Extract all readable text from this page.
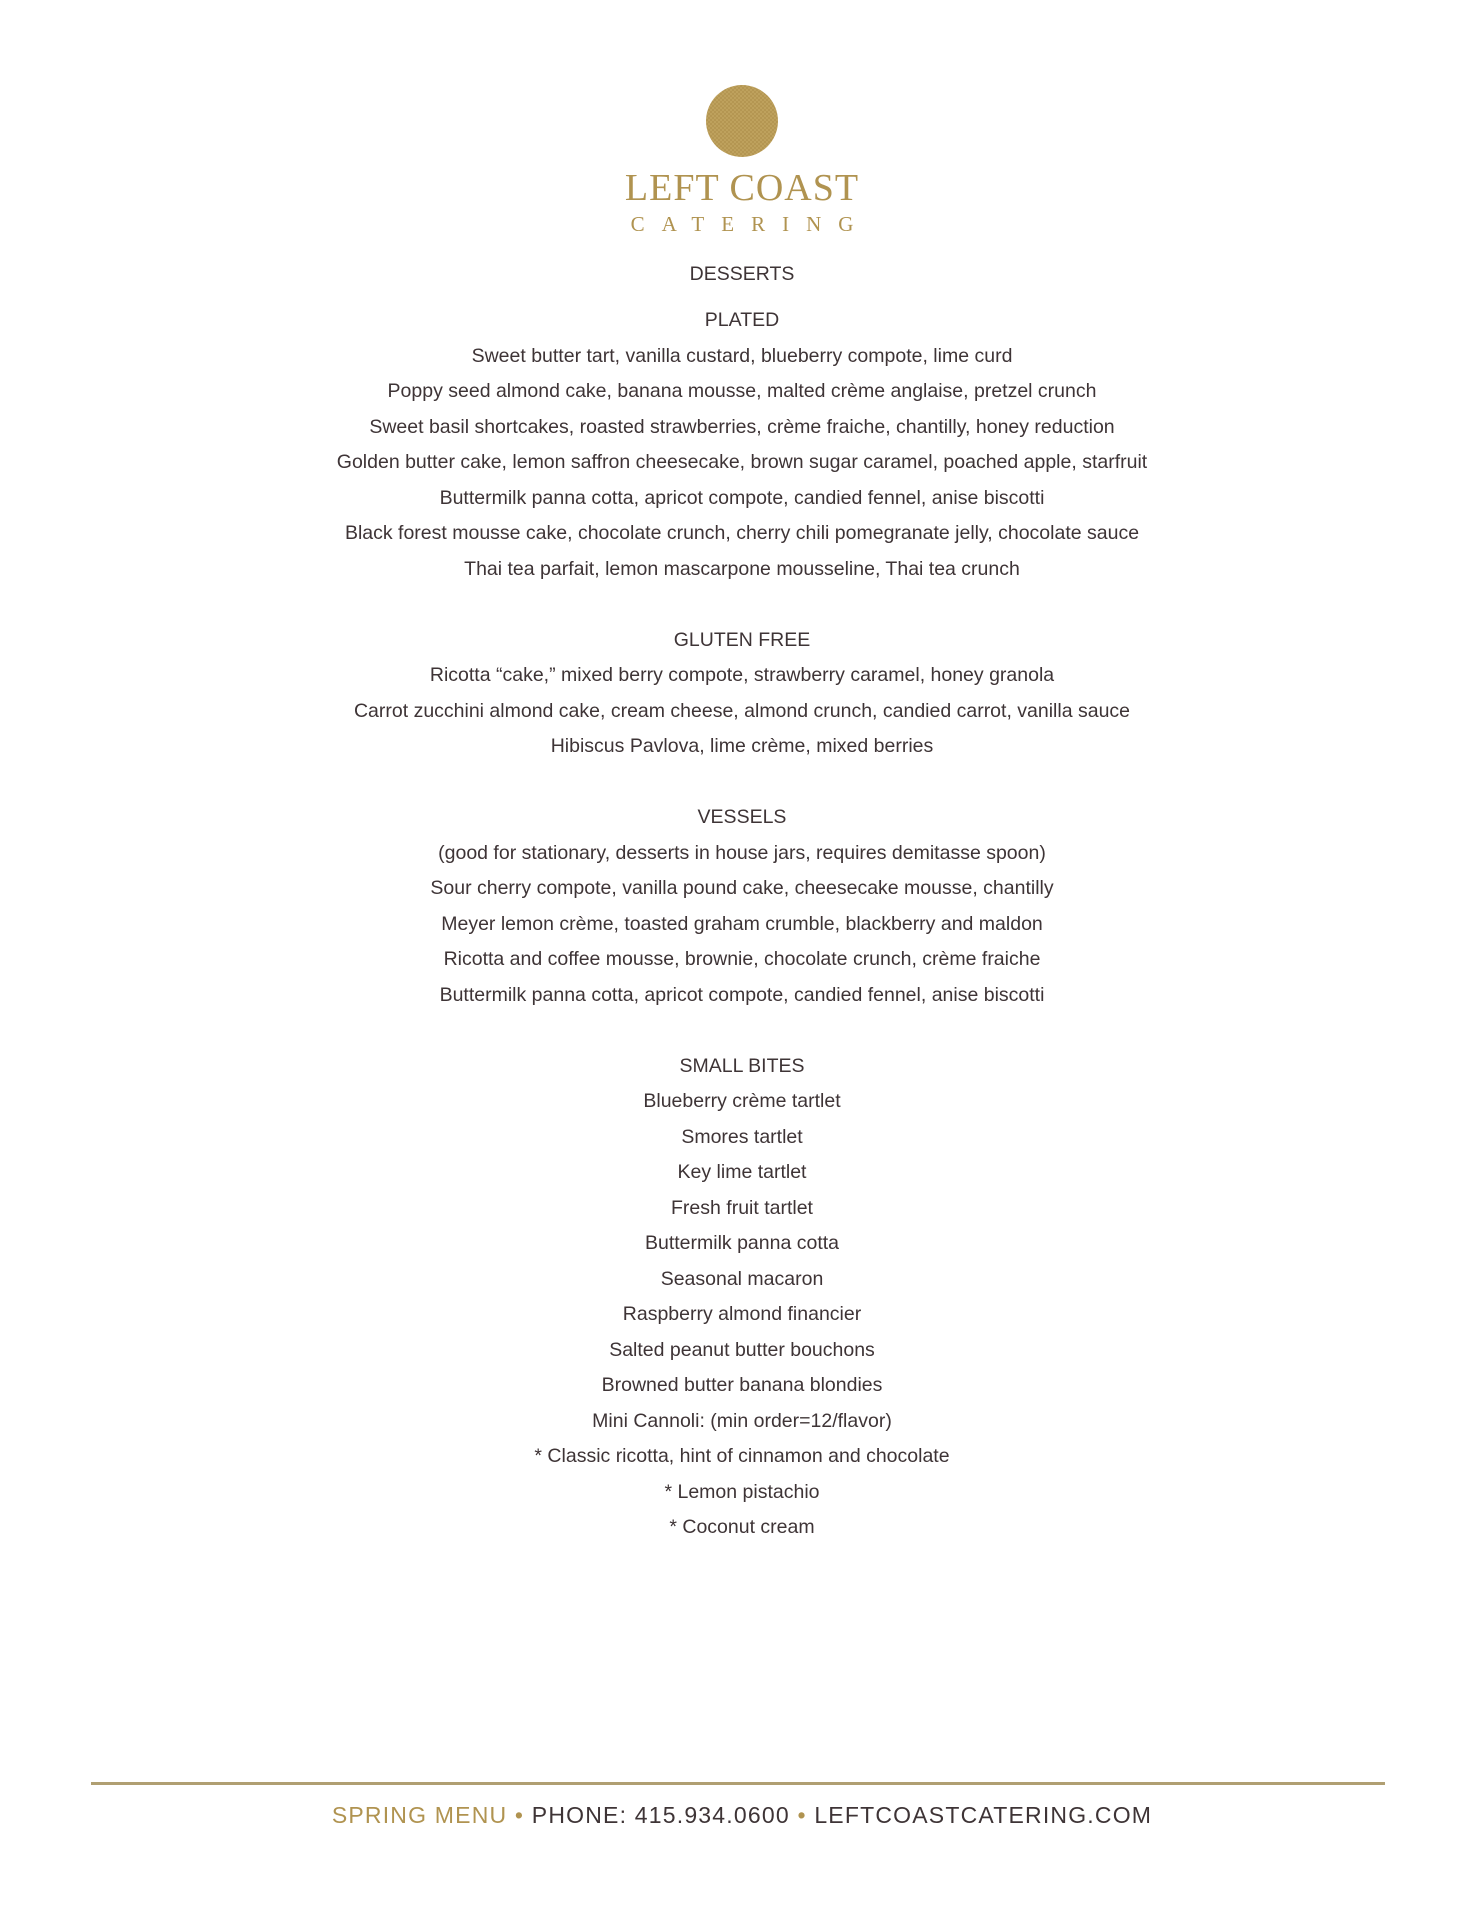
LEFT COAST
CATERING
DESSERTS
PLATED
Sweet butter tart, vanilla custard, blueberry compote, lime curd
Poppy seed almond cake, banana mousse, malted crème anglaise, pretzel crunch
Sweet basil shortcakes, roasted strawberries, crème fraiche, chantilly, honey reduction
Golden butter cake, lemon saffron cheesecake, brown sugar caramel, poached apple, starfruit
Buttermilk panna cotta, apricot compote, candied fennel, anise biscotti
Black forest mousse cake, chocolate crunch, cherry chili pomegranate jelly, chocolate sauce
Thai tea parfait, lemon mascarpone mousseline, Thai tea crunch
GLUTEN FREE
Ricotta “cake,” mixed berry compote, strawberry caramel, honey granola
Carrot zucchini almond cake, cream cheese, almond crunch, candied carrot, vanilla sauce
Hibiscus Pavlova, lime crème, mixed berries
VESSELS
(good for stationary, desserts in house jars, requires demitasse spoon)
Sour cherry compote, vanilla pound cake, cheesecake mousse, chantilly
Meyer lemon crème, toasted graham crumble, blackberry and maldon
Ricotta and coffee mousse, brownie, chocolate crunch, crème fraiche
Buttermilk panna cotta, apricot compote, candied fennel, anise biscotti
SMALL BITES
Blueberry crème tartlet
Smores tartlet
Key lime tartlet
Fresh fruit tartlet
Buttermilk panna cotta
Seasonal macaron
Raspberry almond financier
Salted peanut butter bouchons
Browned butter banana blondies
Mini Cannoli: (min order=12/flavor)
* Classic ricotta, hint of cinnamon and chocolate
* Lemon pistachio
* Coconut cream
SPRING MENU • PHONE: 415.934.0600 • LEFTCOASTCATERING.COM
